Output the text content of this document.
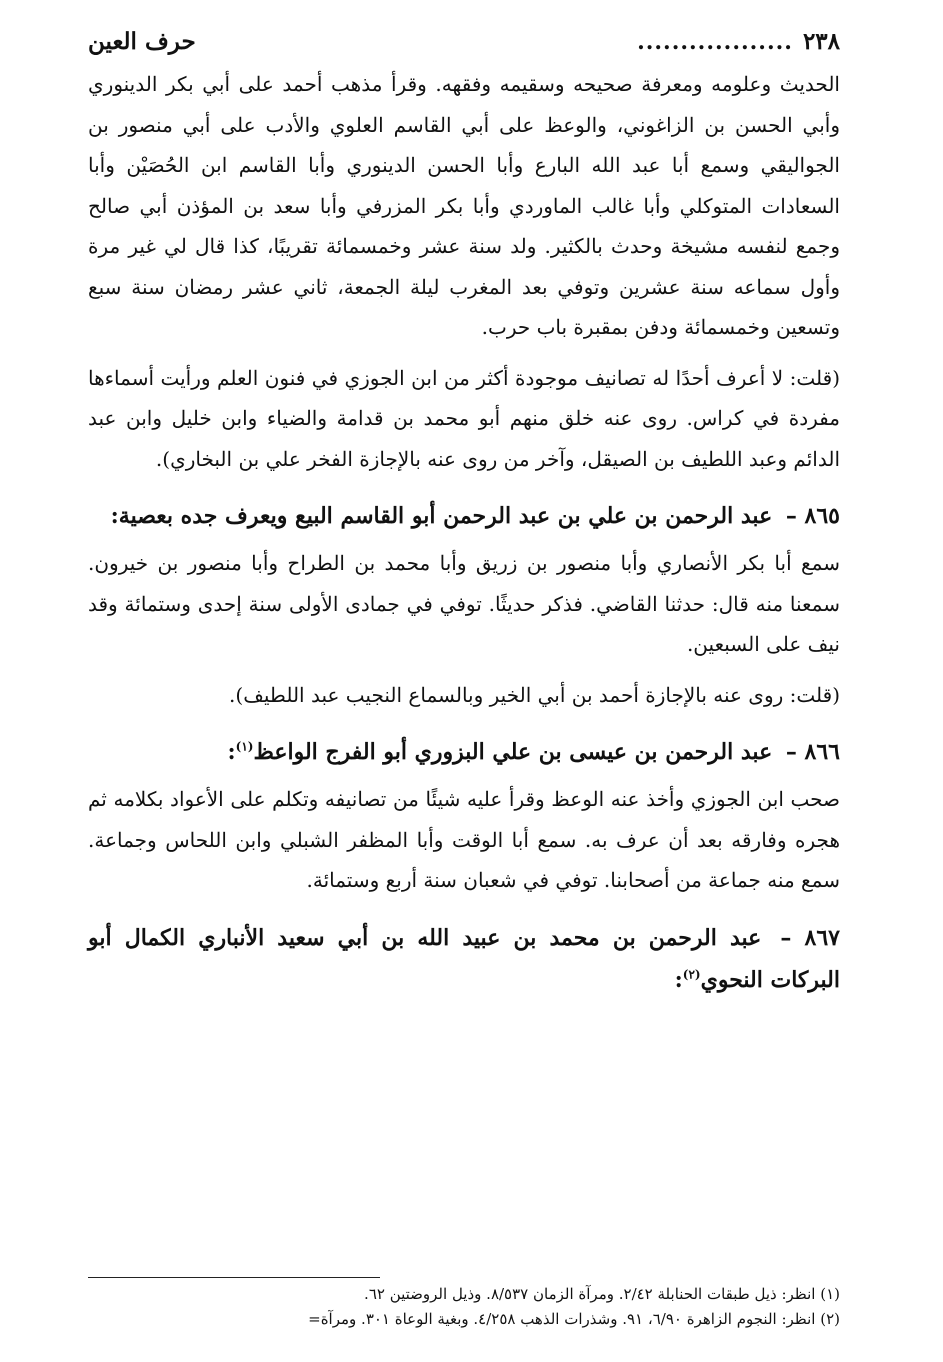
٢٣٨
..................
حرف العين

الحديث وعلومه ومعرفة صحيحه وسقيمه وفقهه. وقرأ مذهب أحمد على أبي بكر الدينوري وأبي الحسن بن الزاغوني، والوعظ على أبي القاسم العلوي والأدب على أبي منصور بن الجواليقي وسمع أبا عبد الله البارع وأبا الحسن الدينوري وأبا القاسم ابن الحُصَيْن وأبا السعادات المتوكلي وأبا غالب الماوردي وأبا بكر المزرفي وأبا سعد بن المؤذن أبي صالح وجمع لنفسه مشيخة وحدث بالكثير. ولد سنة عشر وخمسمائة تقريبًا، كذا قال لي غير مرة وأول سماعه سنة عشرين وتوفي بعد المغرب ليلة الجمعة، ثاني عشر رمضان سنة سبع وتسعين وخمسمائة ودفن بمقبرة باب حرب.

(قلت: لا أعرف أحدًا له تصانيف موجودة أكثر من ابن الجوزي في فنون العلم ورأيت أسماءها مفردة في كراس. روى عنه خلق منهم أبو محمد بن قدامة والضياء وابن خليل وابن عبد الدائم وعبد اللطيف بن الصيقل، وآخر من روى عنه بالإجازة الفخر علي بن البخاري).

٨٦٥ – عبد الرحمن بن علي بن عبد الرحمن أبو القاسم البيع ويعرف جده بعصية:

سمع أبا بكر الأنصاري وأبا منصور بن زريق وأبا محمد بن الطراح وأبا منصور بن خيرون. سمعنا منه قال: حدثنا القاضي. فذكر حديثًا. توفي في جمادى الأولى سنة إحدى وستمائة وقد نيف على السبعين.

(قلت: روى عنه بالإجازة أحمد بن أبي الخير وبالسماع النجيب عبد اللطيف).

٨٦٦ – عبد الرحمن بن عيسى بن علي البزوري أبو الفرج الواعظ$^{(١)}$:

صحب ابن الجوزي وأخذ عنه الوعظ وقرأ عليه شيئًا من تصانيفه وتكلم على الأعواد بكلامه ثم هجره وفارقه بعد أن عرف به. سمع أبا الوقت وأبا المظفر الشبلي وابن اللحاس وجماعة. سمع منه جماعة من أصحابنا. توفي في شعبان سنة أربع وستمائة.

٨٦٧ – عبد الرحمن بن محمد بن عبيد الله بن أبي سعيد الأنباري الكمال أبو البركات النحوي$^{(٢)}$:
(١) انظر: ذيل طبقات الحنابلة ٢/٤٢. ومرآة الزمان ٨/٥٣٧. وذيل الروضتين ٦٢.
(٢) انظر: النجوم الزاهرة ٦/٩٠، ٩١. وشذرات الذهب ٤/٢٥٨. وبغية الوعاة ٣٠١. ومرآة=
